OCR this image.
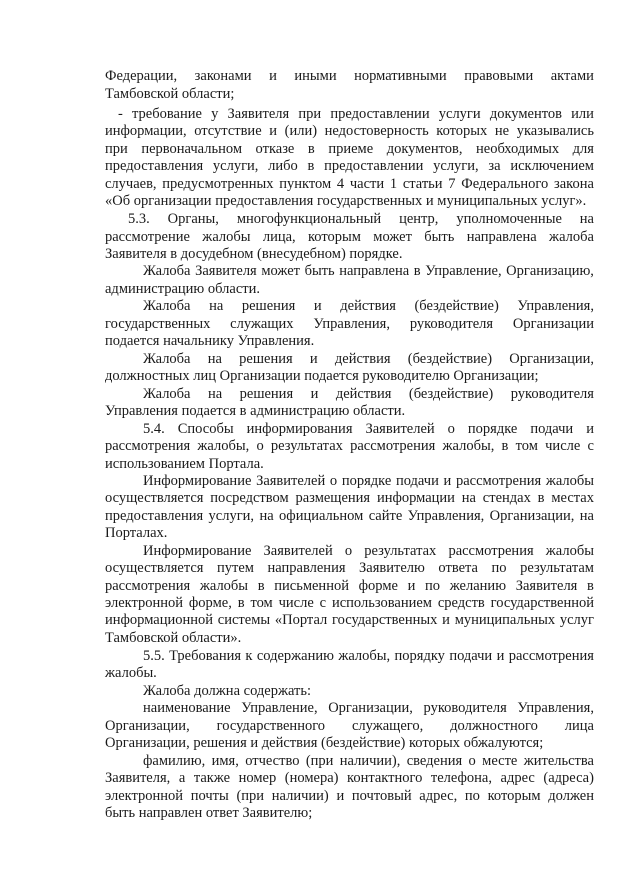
Федерации, законами и иными нормативными правовыми актами
Тамбовской области;
- требование у Заявителя при предоставлении услуги документов или
информации, отсутствие и (или) недостоверность которых не указывались
при первоначальном отказе в приеме документов, необходимых для
предоставления услуги, либо в предоставлении услуги, за исключением
случаев, предусмотренных пунктом 4 части 1 статьи 7 Федерального закона
«Об организации предоставления государственных и муниципальных услуг».
5.3. Органы, многофункциональный центр, уполномоченные на
рассмотрение жалобы лица, которым может быть направлена жалоба
Заявителя в досудебном (внесудебном) порядке.
Жалоба Заявителя может быть направлена в Управление, Организацию,
администрацию области.
Жалоба на решения и действия (бездействие) Управления,
государственных служащих Управления, руководителя Организации
подается начальнику Управления.
Жалоба на решения и действия (бездействие) Организации,
должностных лиц Организации подается руководителю Организации;
Жалоба на решения и действия (бездействие) руководителя
Управления подается в администрацию области.
5.4. Способы информирования Заявителей о порядке подачи и
рассмотрения жалобы, о результатах рассмотрения жалобы, в том числе с
использованием Портала.
Информирование Заявителей о порядке подачи и рассмотрения жалобы
осуществляется посредством размещения информации на стендах в местах
предоставления услуги, на официальном сайте Управления, Организации, на
Порталах.
Информирование Заявителей о результатах рассмотрения жалобы
осуществляется путем направления Заявителю ответа по результатам
рассмотрения жалобы в письменной форме и по желанию Заявителя в
электронной форме, в том числе с использованием средств государственной
информационной системы «Портал государственных и муниципальных услуг
Тамбовской области».
5.5. Требования к содержанию жалобы, порядку подачи и рассмотрения
жалобы.
Жалоба должна содержать:
наименование Управление, Организации, руководителя Управления,
Организации, государственного служащего, должностного лица
Организации, решения и действия (бездействие) которых обжалуются;
фамилию, имя, отчество (при наличии), сведения о месте жительства
Заявителя, а также номер (номера) контактного телефона, адрес (адреса)
электронной почты (при наличии) и почтовый адрес, по которым должен
быть направлен ответ Заявителю;
